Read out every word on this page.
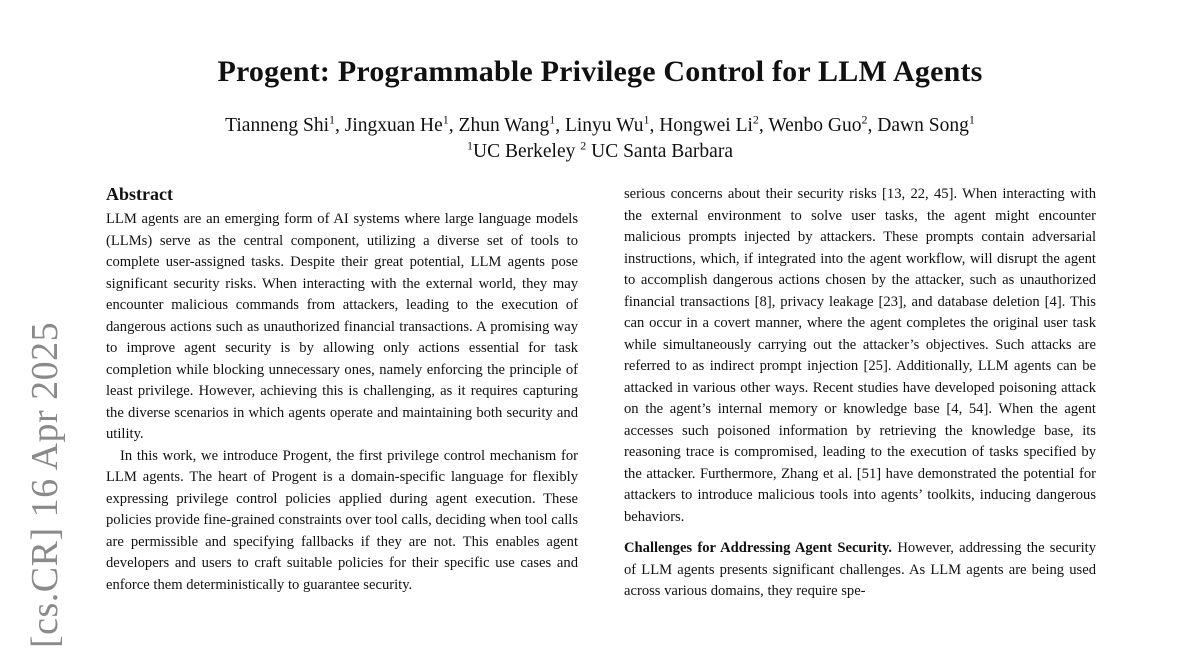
Progent: Programmable Privilege Control for LLM Agents
Tianneng Shi$^1$, Jingxuan He$^1$, Zhun Wang$^1$, Linyu Wu$^1$, Hongwei Li$^2$, Wenbo Guo$^2$, Dawn Song$^1$
$^1$UC Berkeley $^2$ UC Santa Barbara
[cs.CR] 16 Apr 2025
Abstract

LLM agents are an emerging form of AI systems where large language models (LLMs) serve as the central component, utilizing a diverse set of tools to complete user-assigned tasks. Despite their great potential, LLM agents pose significant security risks. When interacting with the external world, they may encounter malicious commands from attackers, leading to the execution of dangerous actions such as unauthorized financial transactions. A promising way to improve agent security is by allowing only actions essential for task completion while blocking unnecessary ones, namely enforcing the principle of least privilege. However, achieving this is challenging, as it requires capturing the diverse scenarios in which agents operate and maintaining both security and utility.

In this work, we introduce Progent, the first privilege control mechanism for LLM agents. The heart of Progent is a domain-specific language for flexibly expressing privilege control policies applied during agent execution. These policies provide fine-grained constraints over tool calls, deciding when tool calls are permissible and specifying fallbacks if they are not. This enables agent developers and users to craft suitable policies for their specific use cases and enforce them deterministically to guarantee security.

serious concerns about their security risks [13, 22, 45]. When interacting with the external environment to solve user tasks, the agent might encounter malicious prompts injected by attackers. These prompts contain adversarial instructions, which, if integrated into the agent workflow, will disrupt the agent to accomplish dangerous actions chosen by the attacker, such as unauthorized financial transactions [8], privacy leakage [23], and database deletion [4]. This can occur in a covert manner, where the agent completes the original user task while simultaneously carrying out the attacker’s objectives. Such attacks are referred to as indirect prompt injection [25]. Additionally, LLM agents can be attacked in various other ways. Recent studies have developed poisoning attack on the agent’s internal memory or knowledge base [4, 54]. When the agent accesses such poisoned information by retrieving the knowledge base, its reasoning trace is compromised, leading to the execution of tasks specified by the attacker. Furthermore, Zhang et al. [51] have demonstrated the potential for attackers to introduce malicious tools into agents’ toolkits, inducing dangerous behaviors.

Challenges for Addressing Agent Security. However, addressing the security of LLM agents presents significant challenges. As LLM agents are being used across various domains, they require spe-
